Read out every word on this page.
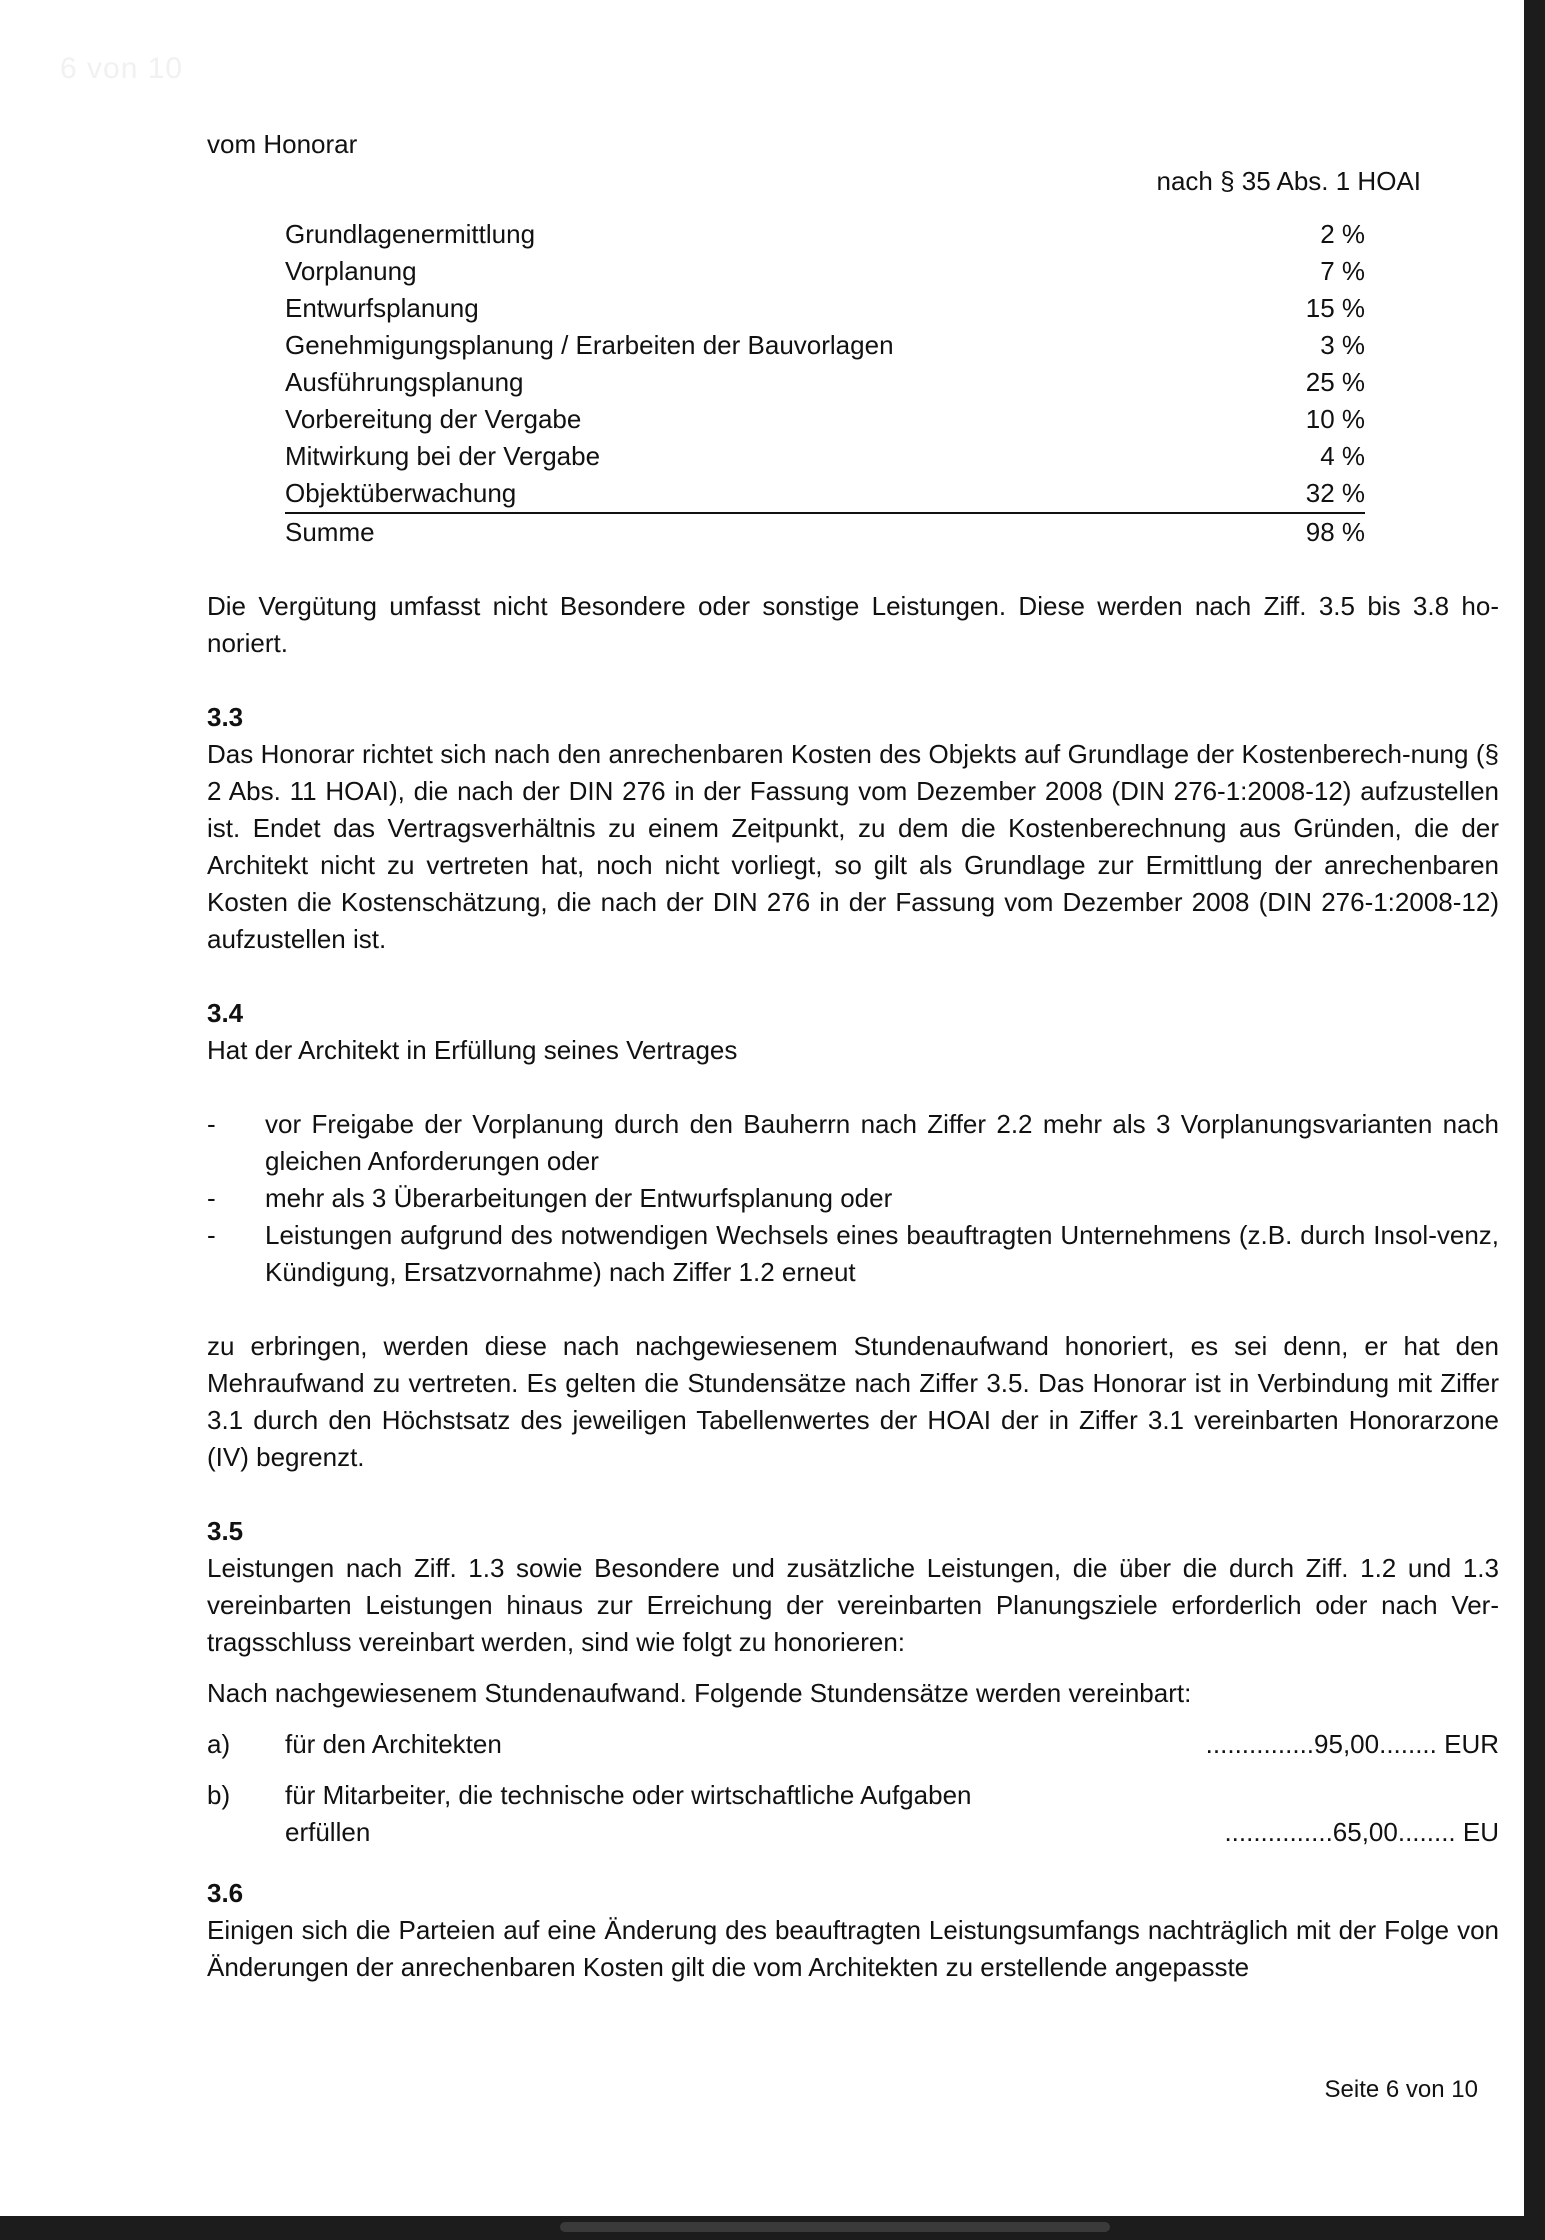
6 von 10

vom Honorar

nach § 35 Abs. 1 HOAI

Grundlagenermittlung	2 %
Vorplanung	7 %
Entwurfsplanung	15 %
Genehmigungsplanung / Erarbeiten der Bauvorlagen	3 %
Ausführungsplanung	25 %
Vorbereitung der Vergabe	10 %
Mitwirkung bei der Vergabe	4 %
Objektüberwachung	32 %
Summe	98 %

Die Vergütung umfasst nicht Besondere oder sonstige Leistungen. Diese werden nach Ziff. 3.5 bis 3.8 ho-noriert.

3.3

Das Honorar richtet sich nach den anrechenbaren Kosten des Objekts auf Grundlage der Kostenberech-nung (§ 2 Abs. 11 HOAI), die nach der DIN 276 in der Fassung vom Dezember 2008 (DIN 276-1:2008-12) aufzustellen ist. Endet das Vertragsverhältnis zu einem Zeitpunkt, zu dem die Kostenberechnung aus Gründen, die der Architekt nicht zu vertreten hat, noch nicht vorliegt, so gilt als Grundlage zur Ermittlung der anrechenbaren Kosten die Kostenschätzung, die nach der DIN 276 in der Fassung vom Dezember 2008 (DIN 276-1:2008-12) aufzustellen ist.

3.4

Hat der Architekt in Erfüllung seines Vertrages

- vor Freigabe der Vorplanung durch den Bauherrn nach Ziffer 2.2 mehr als 3 Vorplanungsvarianten nach gleichen Anforderungen oder
- mehr als 3 Überarbeitungen der Entwurfsplanung oder
- Leistungen aufgrund des notwendigen Wechsels eines beauftragten Unternehmens (z.B. durch Insol-venz, Kündigung, Ersatzvornahme) nach Ziffer 1.2 erneut

zu erbringen, werden diese nach nachgewiesenem Stundenaufwand honoriert, es sei denn, er hat den Mehraufwand zu vertreten. Es gelten die Stundensätze nach Ziffer 3.5. Das Honorar ist in Verbindung mit Ziffer 3.1 durch den Höchstsatz des jeweiligen Tabellenwertes der HOAI der in Ziffer 3.1 vereinbarten Honorarzone (IV) begrenzt.

3.5

Leistungen nach Ziff. 1.3 sowie Besondere und zusätzliche Leistungen, die über die durch Ziff. 1.2 und 1.3 vereinbarten Leistungen hinaus zur Erreichung der vereinbarten Planungsziele erforderlich oder nach Ver-tragsschluss vereinbart werden, sind wie folgt zu honorieren:

Nach nachgewiesenem Stundenaufwand. Folgende Stundensätze werden vereinbart:

a)	für den Architekten	...............95,00........ EUR
b)	für Mitarbeiter, die technische oder wirtschaftliche Aufgaben
erfüllen	...............65,00........ EU

3.6

Einigen sich die Parteien auf eine Änderung des beauftragten Leistungsumfangs nachträglich mit der Folge von Änderungen der anrechenbaren Kosten gilt die vom Architekten zu erstellende angepasste

Seite 6 von 10
